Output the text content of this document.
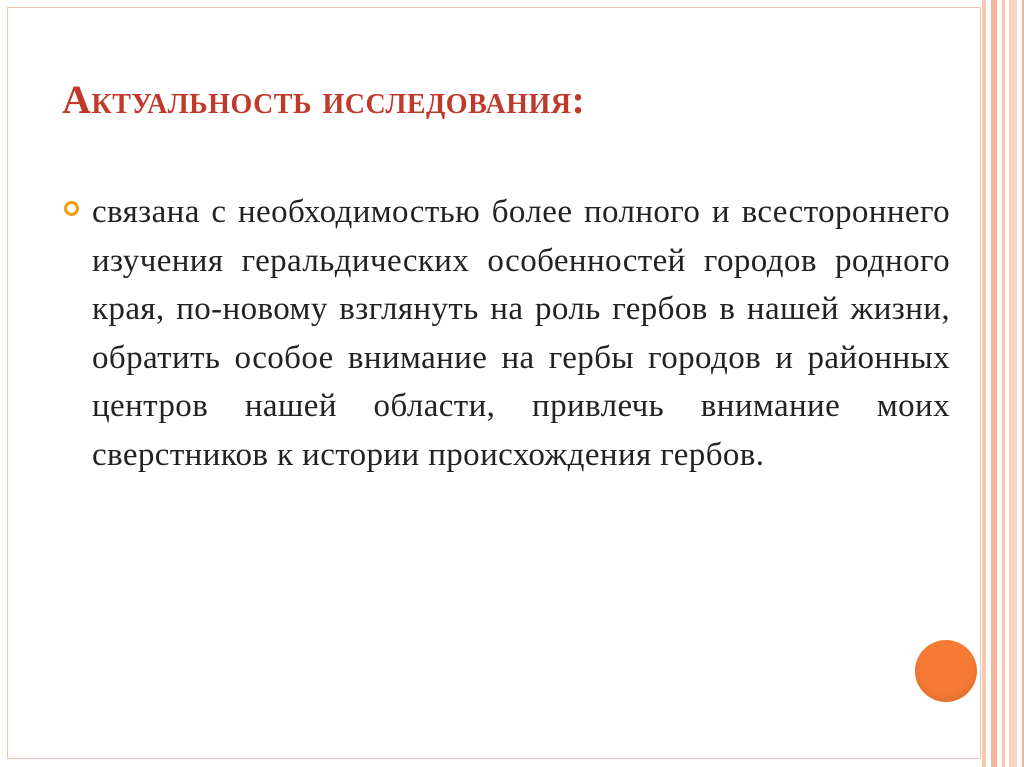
Актуальность исследования:
связана с необходимостью более полного и всестороннего изучения геральдических особенностей городов родного края, по-новому взглянуть на роль гербов в нашей жизни, обратить особое внимание на гербы городов и районных центров нашей области, привлечь внимание моих сверстников к истории происхождения гербов.
